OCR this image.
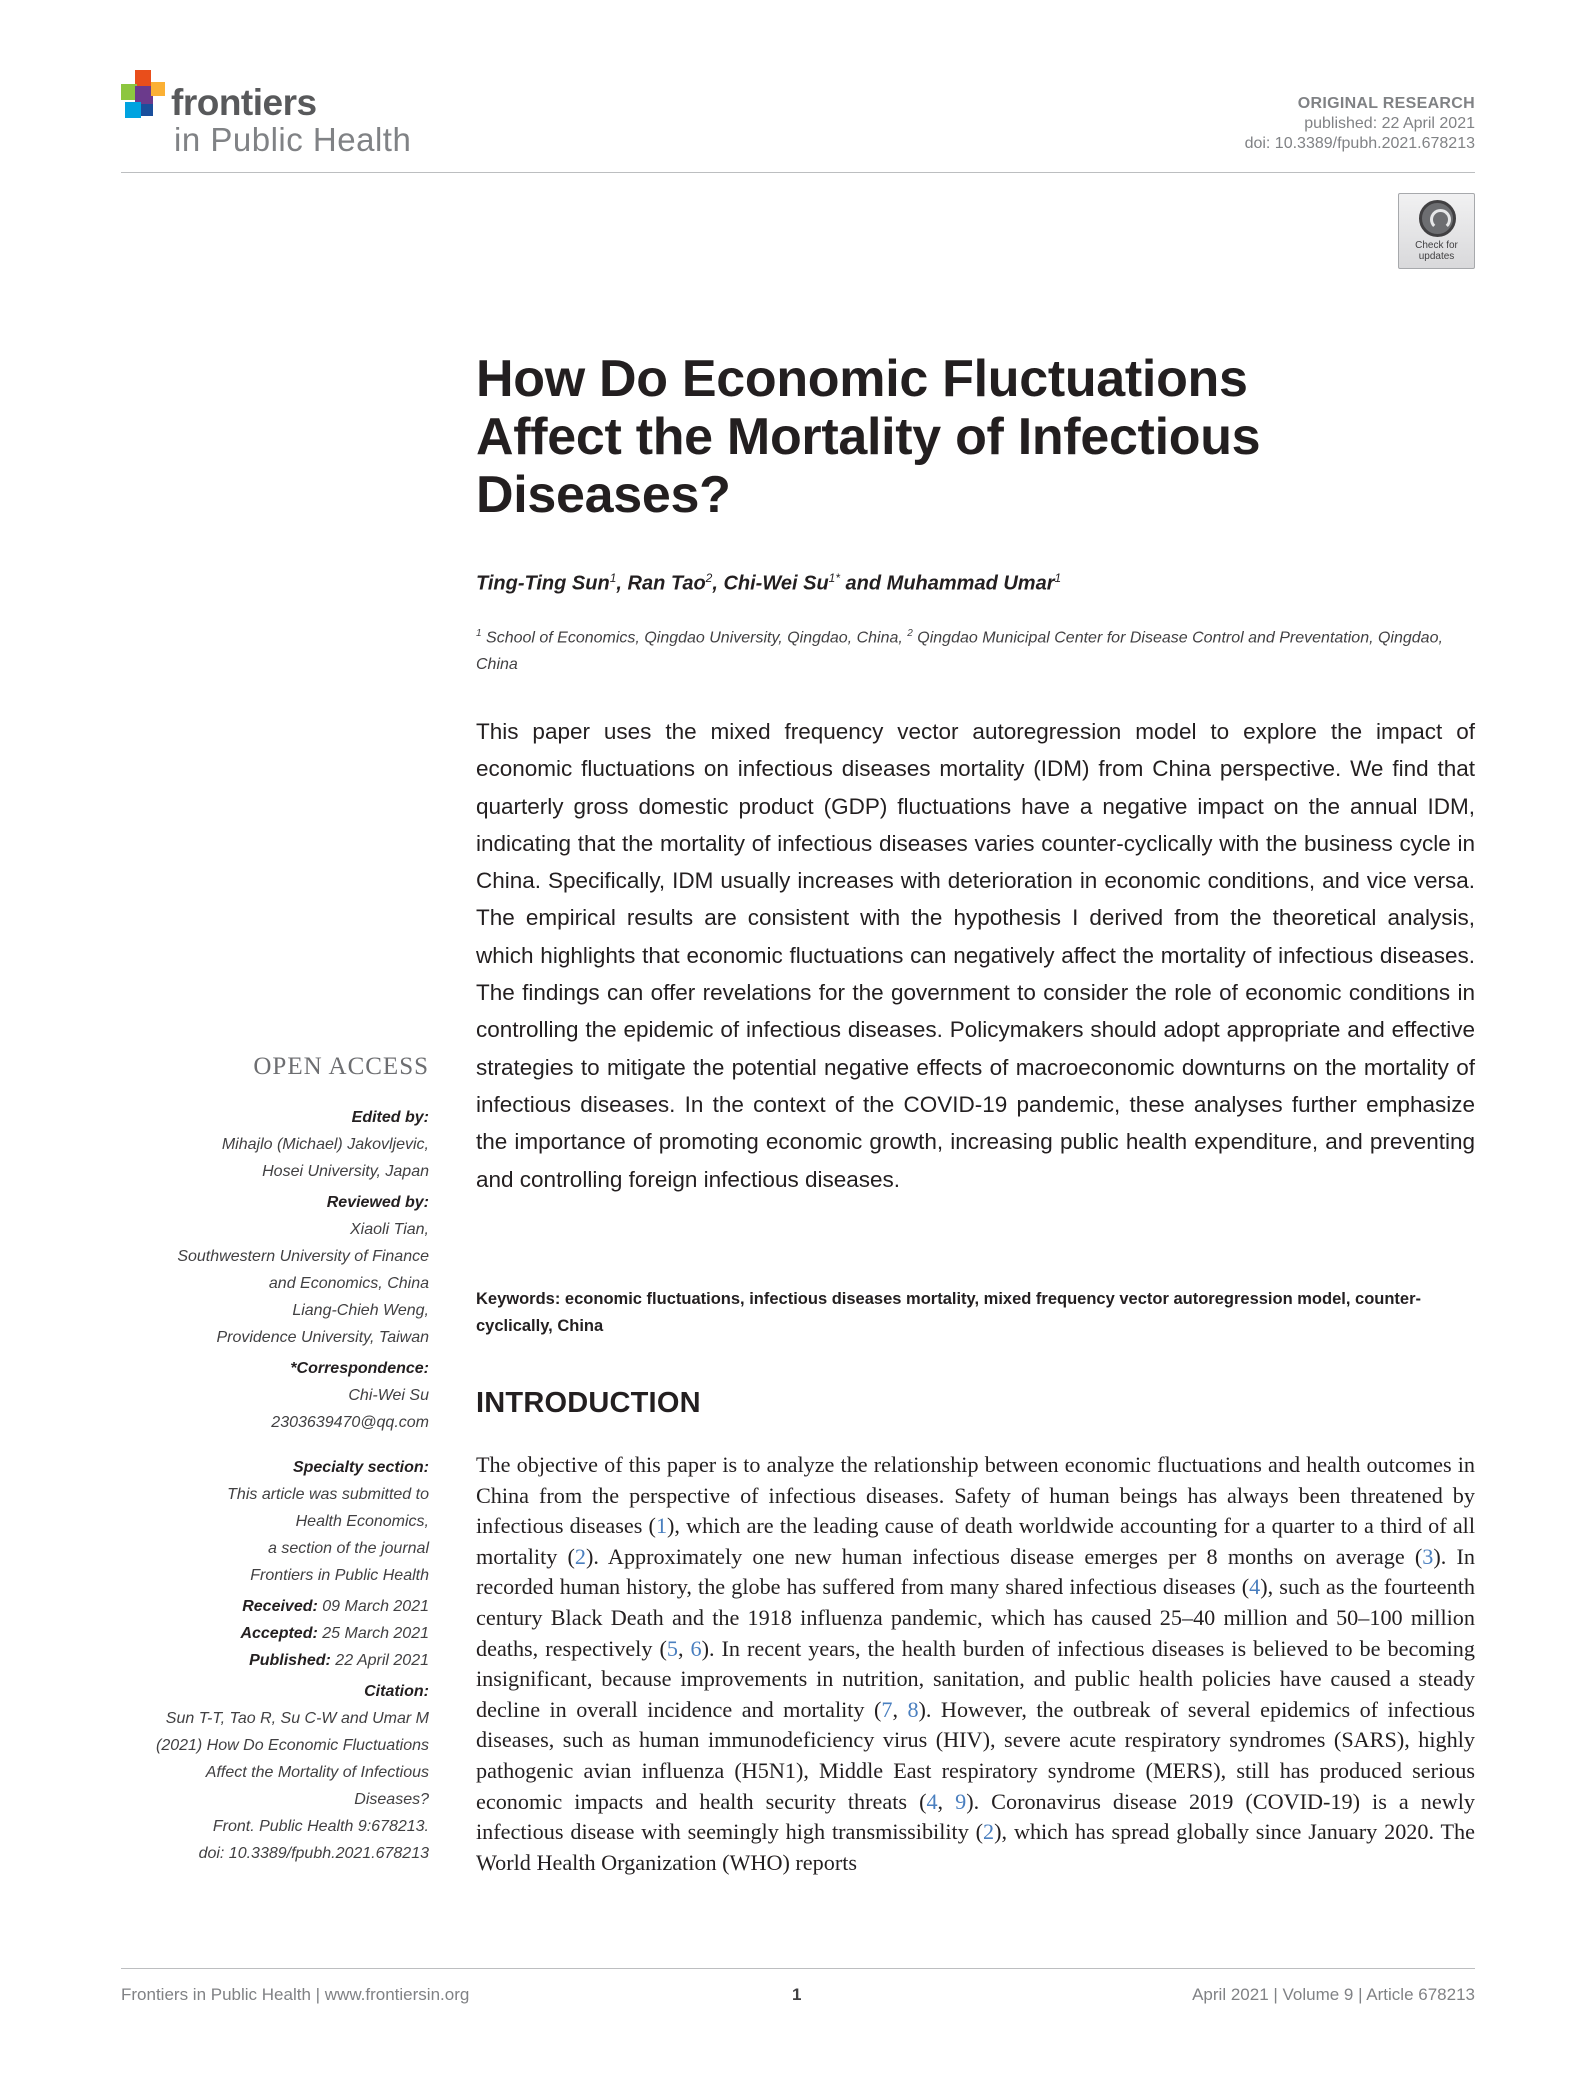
frontiers
in Public Health
ORIGINAL RESEARCH
published: 22 April 2021
doi: 10.3389/fpubh.2021.678213
Check for
updates
How Do Economic Fluctuations
Affect the Mortality of Infectious
Diseases?
Ting-Ting Sun$^1$, Ran Tao$^2$, Chi-Wei $Su^{1*}$ and Muhammad Umar$^1$
$^1$ School of Economics, Qingdao University, Qingdao, China, $^2$ Qingdao Municipal Center for Disease Control and Preventation, Qingdao, China
This paper uses the mixed frequency vector autoregression model to explore the impact of economic fluctuations on infectious diseases mortality (IDM) from China perspective. We find that quarterly gross domestic product (GDP) fluctuations have a negative impact on the annual IDM, indicating that the mortality of infectious diseases varies counter-cyclically with the business cycle in China. Specifically, IDM usually increases with deterioration in economic conditions, and vice versa. The empirical results are consistent with the hypothesis I derived from the theoretical analysis, which highlights that economic fluctuations can negatively affect the mortality of infectious diseases. The findings can offer revelations for the government to consider the role of economic conditions in controlling the epidemic of infectious diseases. Policymakers should adopt appropriate and effective strategies to mitigate the potential negative effects of macroeconomic downturns on the mortality of infectious diseases. In the context of the COVID-19 pandemic, these analyses further emphasize the importance of promoting economic growth, increasing public health expenditure, and preventing and controlling foreign infectious diseases.
Keywords: economic fluctuations, infectious diseases mortality, mixed frequency vector autoregression model, counter-cyclically, China
INTRODUCTION
The objective of this paper is to analyze the relationship between economic fluctuations and health outcomes in China from the perspective of infectious diseases. Safety of human beings has always been threatened by infectious diseases (1), which are the leading cause of death worldwide accounting for a quarter to a third of all mortality (2). Approximately one new human infectious disease emerges per 8 months on average (3). In recorded human history, the globe has suffered from many shared infectious diseases (4), such as the fourteenth century Black Death and the 1918 influenza pandemic, which has caused 25–40 million and 50–100 million deaths, respectively (5, 6). In recent years, the health burden of infectious diseases is believed to be becoming insignificant, because improvements in nutrition, sanitation, and public health policies have caused a steady decline in overall incidence and mortality (7, 8). However, the outbreak of several epidemics of infectious diseases, such as human immunodeficiency virus (HIV), severe acute respiratory syndromes (SARS), highly pathogenic avian influenza (H5N1), Middle East respiratory syndrome (MERS), still has produced serious economic impacts and health security threats (4, 9). Coronavirus disease 2019 (COVID-19) is a newly infectious disease with seemingly high transmissibility (2), which has spread globally since January 2020. The World Health Organization (WHO) reports
OPEN ACCESS
Edited by:
Mihajlo (Michael) Jakovljevic,
Hosei University, Japan
Reviewed by:
Xiaoli Tian,
Southwestern University of Finance
and Economics, China
Liang-Chieh Weng,
Providence University, Taiwan
*Correspondence:
Chi-Wei Su
2303639470@qq.com
Specialty section:
This article was submitted to
Health Economics,
a section of the journal
Frontiers in Public Health
Received: 09 March 2021
Accepted: 25 March 2021
Published: 22 April 2021
Citation:
Sun T-T, Tao R, Su C-W and Umar M
(2021) How Do Economic Fluctuations
Affect the Mortality of Infectious
Diseases?
Front. Public Health 9:678213.
doi: 10.3389/fpubh.2021.678213
Frontiers in Public Health | www.frontiersin.org	1	April 2021 | Volume 9 | Article 678213
